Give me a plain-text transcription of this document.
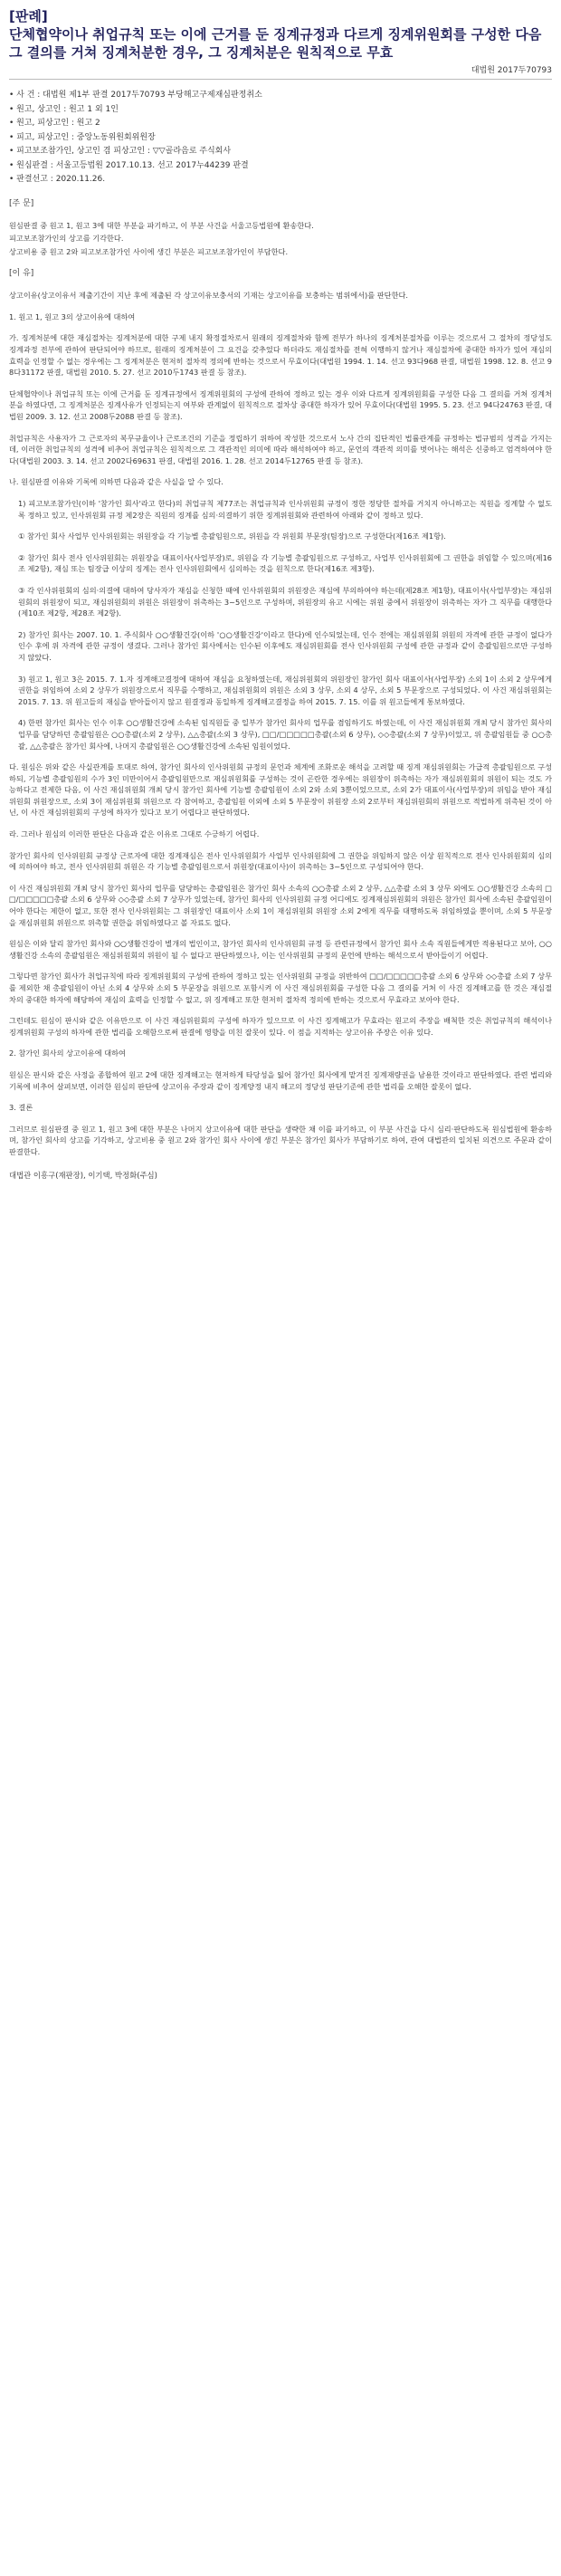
[판례]
단체협약이나 취업규칙 또는 이에 근거를 둔 징계규정과 다르게 징계위원회를 구성한 다음 그 결의를 거쳐 징계처분한 경우, 그 징계처분은 원칙적으로 무효
대법원 2017두70793
• 사 건 : 대법원 제1부 판결 2017두70793 부당해고구제재심판정취소
• 원고, 상고인 : 원고 1 외 1인
• 원고, 피상고인 : 원고 2
• 피고, 피상고인 : 중앙노동위원회위원장
• 피고보조참가인, 상고인 겸 피상고인 : ▽▽골라음로 주식회사
• 원심판결 : 서울고등법원 2017.10.13. 선고 2017누44239 판결
• 판결선고 : 2020.11.26.
[주 문]
원심판결 중 원고 1, 원고 3에 대한 부분을 파기하고, 이 부분 사건을 서울고등법원에 환송한다.
피고보조참가인의 상고를 기각한다.
상고비용 중 원고 2와 피고보조참가인 사이에 생긴 부분은 피고보조참가인이 부담한다.
[이 유]
상고이유(상고이유서 제출기간이 지난 후에 제출된 각 상고이유보충서의 기재는 상고이유를 보충하는 범위에서)를 판단한다.
1. 원고 1, 원고 3의 상고이유에 대하여
가. 징계처분에 대한 재심절차는 징계처분에 대한 구제 내지 확정절차로서 원래의 징계절차와 함께 전부가 하나의 징계처분절차를 이루는 것으로서 그 절차의 정당성도 징계과정 전부에 관하여 판단되어야 하므로, 원래의 징계처분이 그 요건을 갖추었다 하더라도 재심절차를 전혀 이행하지 않거나 재심절차에 중대한 하자가 있어 재심의 효력을 인정할 수 없는 경우에는 그 징계처분은 현저히 절차적 정의에 반하는 것으로서 무효이다(대법원 1994. 1. 14. 선고 93다968 판결, 대법원 1998. 12. 8. 선고 98다31172 판결, 대법원 2010. 5. 27. 선고 2010두1743 판결 등 참조).
단체협약이나 취업규칙 또는 이에 근거를 둔 징계규정에서 징계위원회의 구성에 관하여 정하고 있는 경우 이와 다르게 징계위원회를 구성한 다음 그 결의를 거쳐 징계처분을 하였다면, 그 징계처분은 징계사유가 인정되는지 여부와 관계없이 원칙적으로 절차상 중대한 하자가 있어 무효이다(대법원 1995. 5. 23. 선고 94다24763 판결, 대법원 2009. 3. 12. 선고 2008두2088 판결 등 참조).
취업규칙은 사용자가 그 근로자의 복무규율이나 근로조건의 기준을 정립하기 위하여 작성한 것으로서 노사 간의 집단적인 법률관계를 규정하는 법규범의 성격을 가지는데, 이러한 취업규칙의 성격에 비추어 취업규칙은 원칙적으로 그 객관적인 의미에 따라 해석하여야 하고, 문언의 객관적 의미를 벗어나는 해석은 신중하고 엄격하여야 한다(대법원 2003. 3. 14. 선고 2002다69631 판결, 대법원 2016. 1. 28. 선고 2014두12765 판결 등 참조).
나. 원심판결 이유와 기록에 의하면 다음과 같은 사실을 알 수 있다.
1) 피고보조참가인(이하 '참가인 회사'라고 한다)의 취업규칙 제77조는 취업규칙과 인사위원회 규정이 정한 정당한 절차를 거치지 아니하고는 직원을 징계할 수 없도록 정하고 있고, 인사위원회 규정 제2장은 직원의 징계를 심의·의결하기 위한 징계위원회와 관련하여 아래와 같이 정하고 있다.
① 참가인 회사 사업부 인사위원회는 위원장을 각 기능별 총괄임원으로, 위원을 각 위원회 부문장(팀장)으로 구성한다(제16조 제1항).
② 참가인 회사 전사 인사위원회는 위원장을 대표이사(사업부장)로, 위원을 각 기능별 총괄임원으로 구성하고, 사업부 인사위원회에 그 권한을 위임할 수 있으며(제16조 제2항), 재심 또는 팀장급 이상의 징계는 전사 인사위원회에서 심의하는 것을 원칙으로 한다(제16조 제3항).
③ 각 인사위원회의 심의·의결에 대하여 당사자가 재심을 신청한 때에 인사위원회의 위원장은 재심에 부의하여야 하는데(제28조 제1항), 대표이사(사업부장)는 재심위원회의 위원장이 되고, 재심위원회의 위원은 위원장이 위촉하는 3~5인으로 구성하며, 위원장의 유고 시에는 위원 중에서 위원장이 위촉하는 자가 그 직무를 대행한다(제10조 제2항, 제28조 제2항).
2) 참가인 회사는 2007. 10. 1. 주식회사 ○○생활건강(이하 '○○생활건강'이라고 한다)에 인수되었는데, 인수 전에는 재심위원회 위원의 자격에 관한 규정이 없다가 인수 후에 위 자격에 관한 규정이 생겼다. 그러나 참가인 회사에서는 인수된 이후에도 재심위원회를 전사 인사위원회 구성에 관한 규정과 같이 총괄임원으로만 구성하지 않았다.
3) 원고 1, 원고 3은 2015. 7. 1.자 징계해고결정에 대하여 재심을 요청하였는데, 재심위원회의 위원장인 참가인 회사 대표이사(사업부장) 소외 1이 소외 2 상무에게 권한을 위임하여 소외 2 상무가 위원장으로서 직무를 수행하고, 재심위원회의 위원은 소외 3 상무, 소외 4 상무, 소외 5 부문장으로 구성되었다. 이 사건 재심위원회는 2015. 7. 13. 위 원고들의 재심을 받아들이지 않고 원결정과 동일하게 징계해고결정을 하여 2015. 7. 15. 이를 위 원고들에게 통보하였다.
4) 한편 참가인 회사는 인수 이후 ○○생활건강에 소속된 임직원들 중 일부가 참가인 회사의 업무를 겸임하기도 하였는데, 이 사건 재심위원회 개최 당시 참가인 회사의 업무를 담당하던 총괄임원은 ○○총괄(소외 2 상무), △△총괄(소외 3 상무), □□/□□□□□총괄(소외 6 상무), ◇◇총괄(소외 7 상무)이었고, 위 총괄임원들 중 ○○총괄, △△총괄은 참가인 회사에, 나머지 총괄임원은 ○○생활건강에 소속된 임원이었다.
다. 원심은 위와 같은 사실관계를 토대로 하여, 참가인 회사의 인사위원회 규정의 문언과 체계에 조화로운 해석을 고려할 때 징계 재심위원회는 가급적 총괄임원으로 구성하되, 기능별 총괄임원의 수가 3인 미만이어서 총괄임원만으로 재심위원회를 구성하는 것이 곤란한 경우에는 위원장이 위촉하는 자가 재심위원회의 위원이 되는 것도 가능하다고 전제한 다음, 이 사건 재심위원회 개최 당시 참가인 회사에 기능별 총괄임원이 소외 2와 소외 3뿐이었으므로, 소외 2가 대표이사(사업부장)의 위임을 받아 재심위원회 위원장으로, 소외 3이 재심위원회 위원으로 각 참여하고, 총괄임원 이외에 소외 5 부문장이 위원장 소외 2로부터 재심위원회의 위원으로 적법하게 위촉된 것이 아닌, 이 사건 재심위원회의 구성에 하자가 있다고 보기 어렵다고 판단하였다.
라. 그러나 원심의 이러한 판단은 다음과 같은 이유로 그대로 수긍하기 어렵다.
참가인 회사의 인사위원회 규정상 근로자에 대한 징계재심은 전사 인사위원회가 사업부 인사위원회에 그 권한을 위임하지 않은 이상 원칙적으로 전사 인사위원회의 심의에 의하여야 하고, 전사 인사위원회 위원은 각 기능별 총괄임원으로서 위원장(대표이사)이 위촉하는 3~5인으로 구성되어야 한다.
이 사건 재심위원회 개최 당시 참가인 회사의 업무를 담당하는 총괄임원은 참가인 회사 소속의 ○○총괄 소외 2 상무, △△총괄 소외 3 상무 외에도 ○○생활건강 소속의 □□/□□□□□총괄 소외 6 상무와 ◇◇총괄 소외 7 상무가 있었는데, 참가인 회사의 인사위원회 규정 어디에도 징계재심위원회의 위원은 참가인 회사에 소속된 총괄임원이어야 한다는 제한이 없고, 또한 전사 인사위원회는 그 위원장인 대표이사 소외 1이 재심위원회 위원장 소외 2에게 직무를 대행하도록 위임하였을 뿐이며, 소외 5 부문장을 재심위원회 위원으로 위촉할 권한을 위임하였다고 볼 자료도 없다.
원심은 이와 달리 참가인 회사와 ○○생활건강이 별개의 법인이고, 참가인 회사의 인사위원회 규정 등 관련규정에서 참가인 회사 소속 직원들에게만 적용된다고 보아, ○○생활건강 소속의 총괄임원은 재심위원회의 위원이 될 수 없다고 판단하였으나, 이는 인사위원회 규정의 문언에 반하는 해석으로서 받아들이기 어렵다.
그렇다면 참가인 회사가 취업규칙에 따라 징계위원회의 구성에 관하여 정하고 있는 인사위원회 규정을 위반하여 □□/□□□□□총괄 소외 6 상무와 ◇◇총괄 소외 7 상무를 제외한 채 총괄임원이 아닌 소외 4 상무와 소외 5 부문장을 위원으로 포함시켜 이 사건 재심위원회를 구성한 다음 그 결의를 거쳐 이 사건 징계해고를 한 것은 재심절차의 중대한 하자에 해당하여 재심의 효력을 인정할 수 없고, 위 징계해고 또한 현저히 절차적 정의에 반하는 것으로서 무효라고 보아야 한다.
그런데도 원심이 판시와 같은 이유만으로 이 사건 재심위원회의 구성에 하자가 있으므로 이 사건 징계해고가 무효라는 원고의 주장을 배척한 것은 취업규칙의 해석이나 징계위원회 구성의 하자에 관한 법리를 오해함으로써 판결에 영향을 미친 잘못이 있다. 이 점을 지적하는 상고이유 주장은 이유 있다.
2. 참가인 회사의 상고이유에 대하여
원심은 판시와 같은 사정을 종합하여 원고 2에 대한 징계해고는 현저하게 타당성을 잃어 참가인 회사에게 맡겨진 징계재량권을 남용한 것이라고 판단하였다. 관련 법리와 기록에 비추어 살펴보면, 이러한 원심의 판단에 상고이유 주장과 같이 징계양정 내지 해고의 정당성 판단기준에 관한 법리를 오해한 잘못이 없다.
3. 결론
그러므로 원심판결 중 원고 1, 원고 3에 대한 부분은 나머지 상고이유에 대한 판단을 생략한 채 이를 파기하고, 이 부분 사건을 다시 심리·판단하도록 원심법원에 환송하며, 참가인 회사의 상고를 기각하고, 상고비용 중 원고 2와 참가인 회사 사이에 생긴 부분은 참가인 회사가 부담하기로 하여, 관여 대법관의 일치된 의견으로 주문과 같이 판결한다.
대법관 이흥구(재판장), 이기택, 박정화(주심)
